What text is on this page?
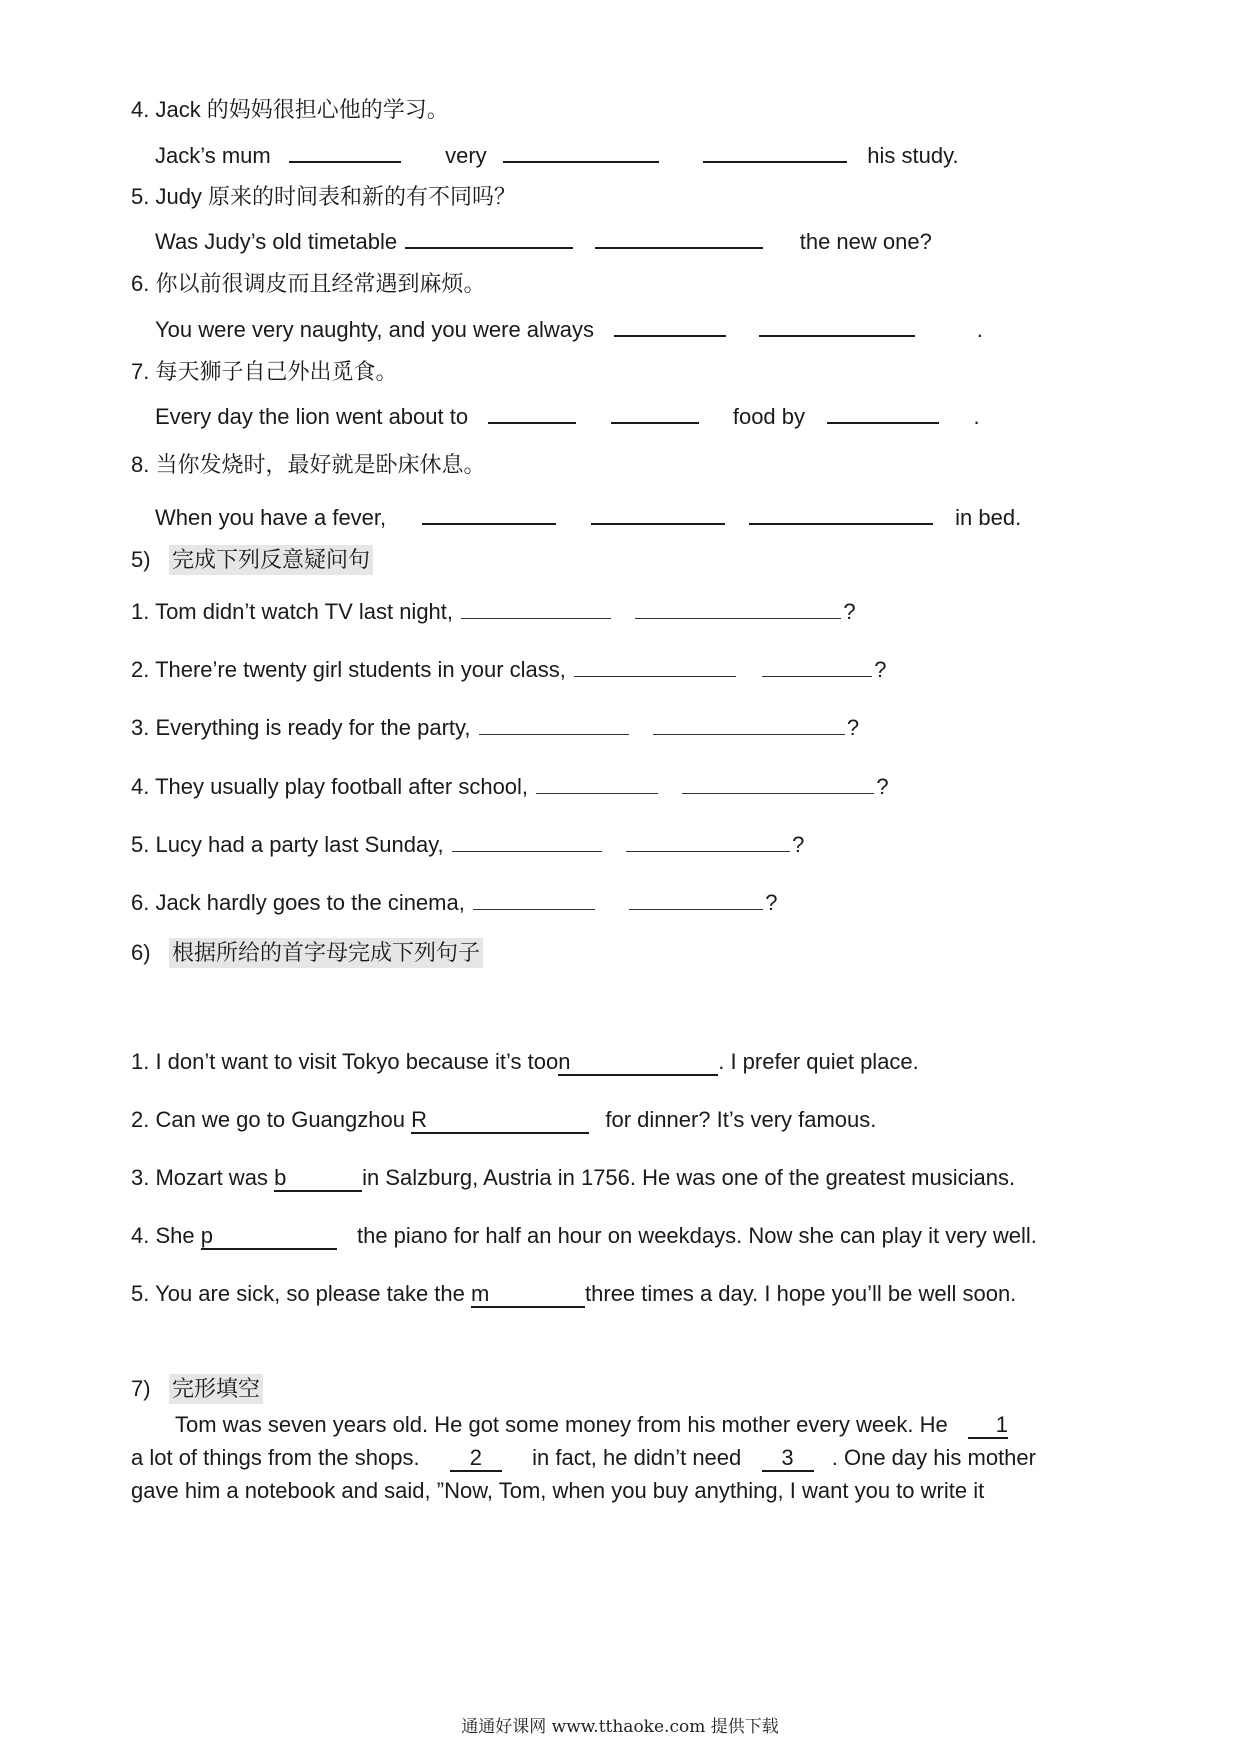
4. Jack 的妈妈很担心他的学习。
Jack’s mum	very	his study.
5. Judy 原来的时间表和新的有不同吗？
Was Judy’s old timetable	the new one?
6. 你以前很调皮而且经常遇到麻烦。
You were very naughty, and you were always	.
7. 每天狮子自己外出觅食。
Every day the lion went about to	food by	.
8. 当你发烧时，最好就是卧床休息。
When you have a fever,	in bed.
5) 完成下列反意疑问句
1. Tom didn’t watch TV last night,	?
2. There’re twenty girl students in your class,	?
3. Everything is ready for the party,	?
4. They usually play football after school,	?
5. Lucy had a party last Sunday,	?
6. Jack hardly goes to the cinema,	?
6) 根据所给的首字母完成下列句子
1. I don’t want to visit Tokyo because it’s toon	. I prefer quiet place.
2. Can we go to Guangzhou R	for dinner? It’s very famous.
3. Mozart was b	in Salzburg, Austria in 1756. He was one of the greatest musicians.
4. She p	the piano for half an hour on weekdays. Now she can play it very well.
5. You are sick, so please take the m	three times a day. I hope you’ll be well soon.
7) 完形填空
Tom was seven years old. He got some money from his mother every week. He 1
a lot of things from the shops. 2 in fact, he didn’t need 3 . One day his mother
gave him a notebook and said, ”Now, Tom, when you buy anything, I want you to write it
通通好课网 www.tthaoke.com 提供下载
